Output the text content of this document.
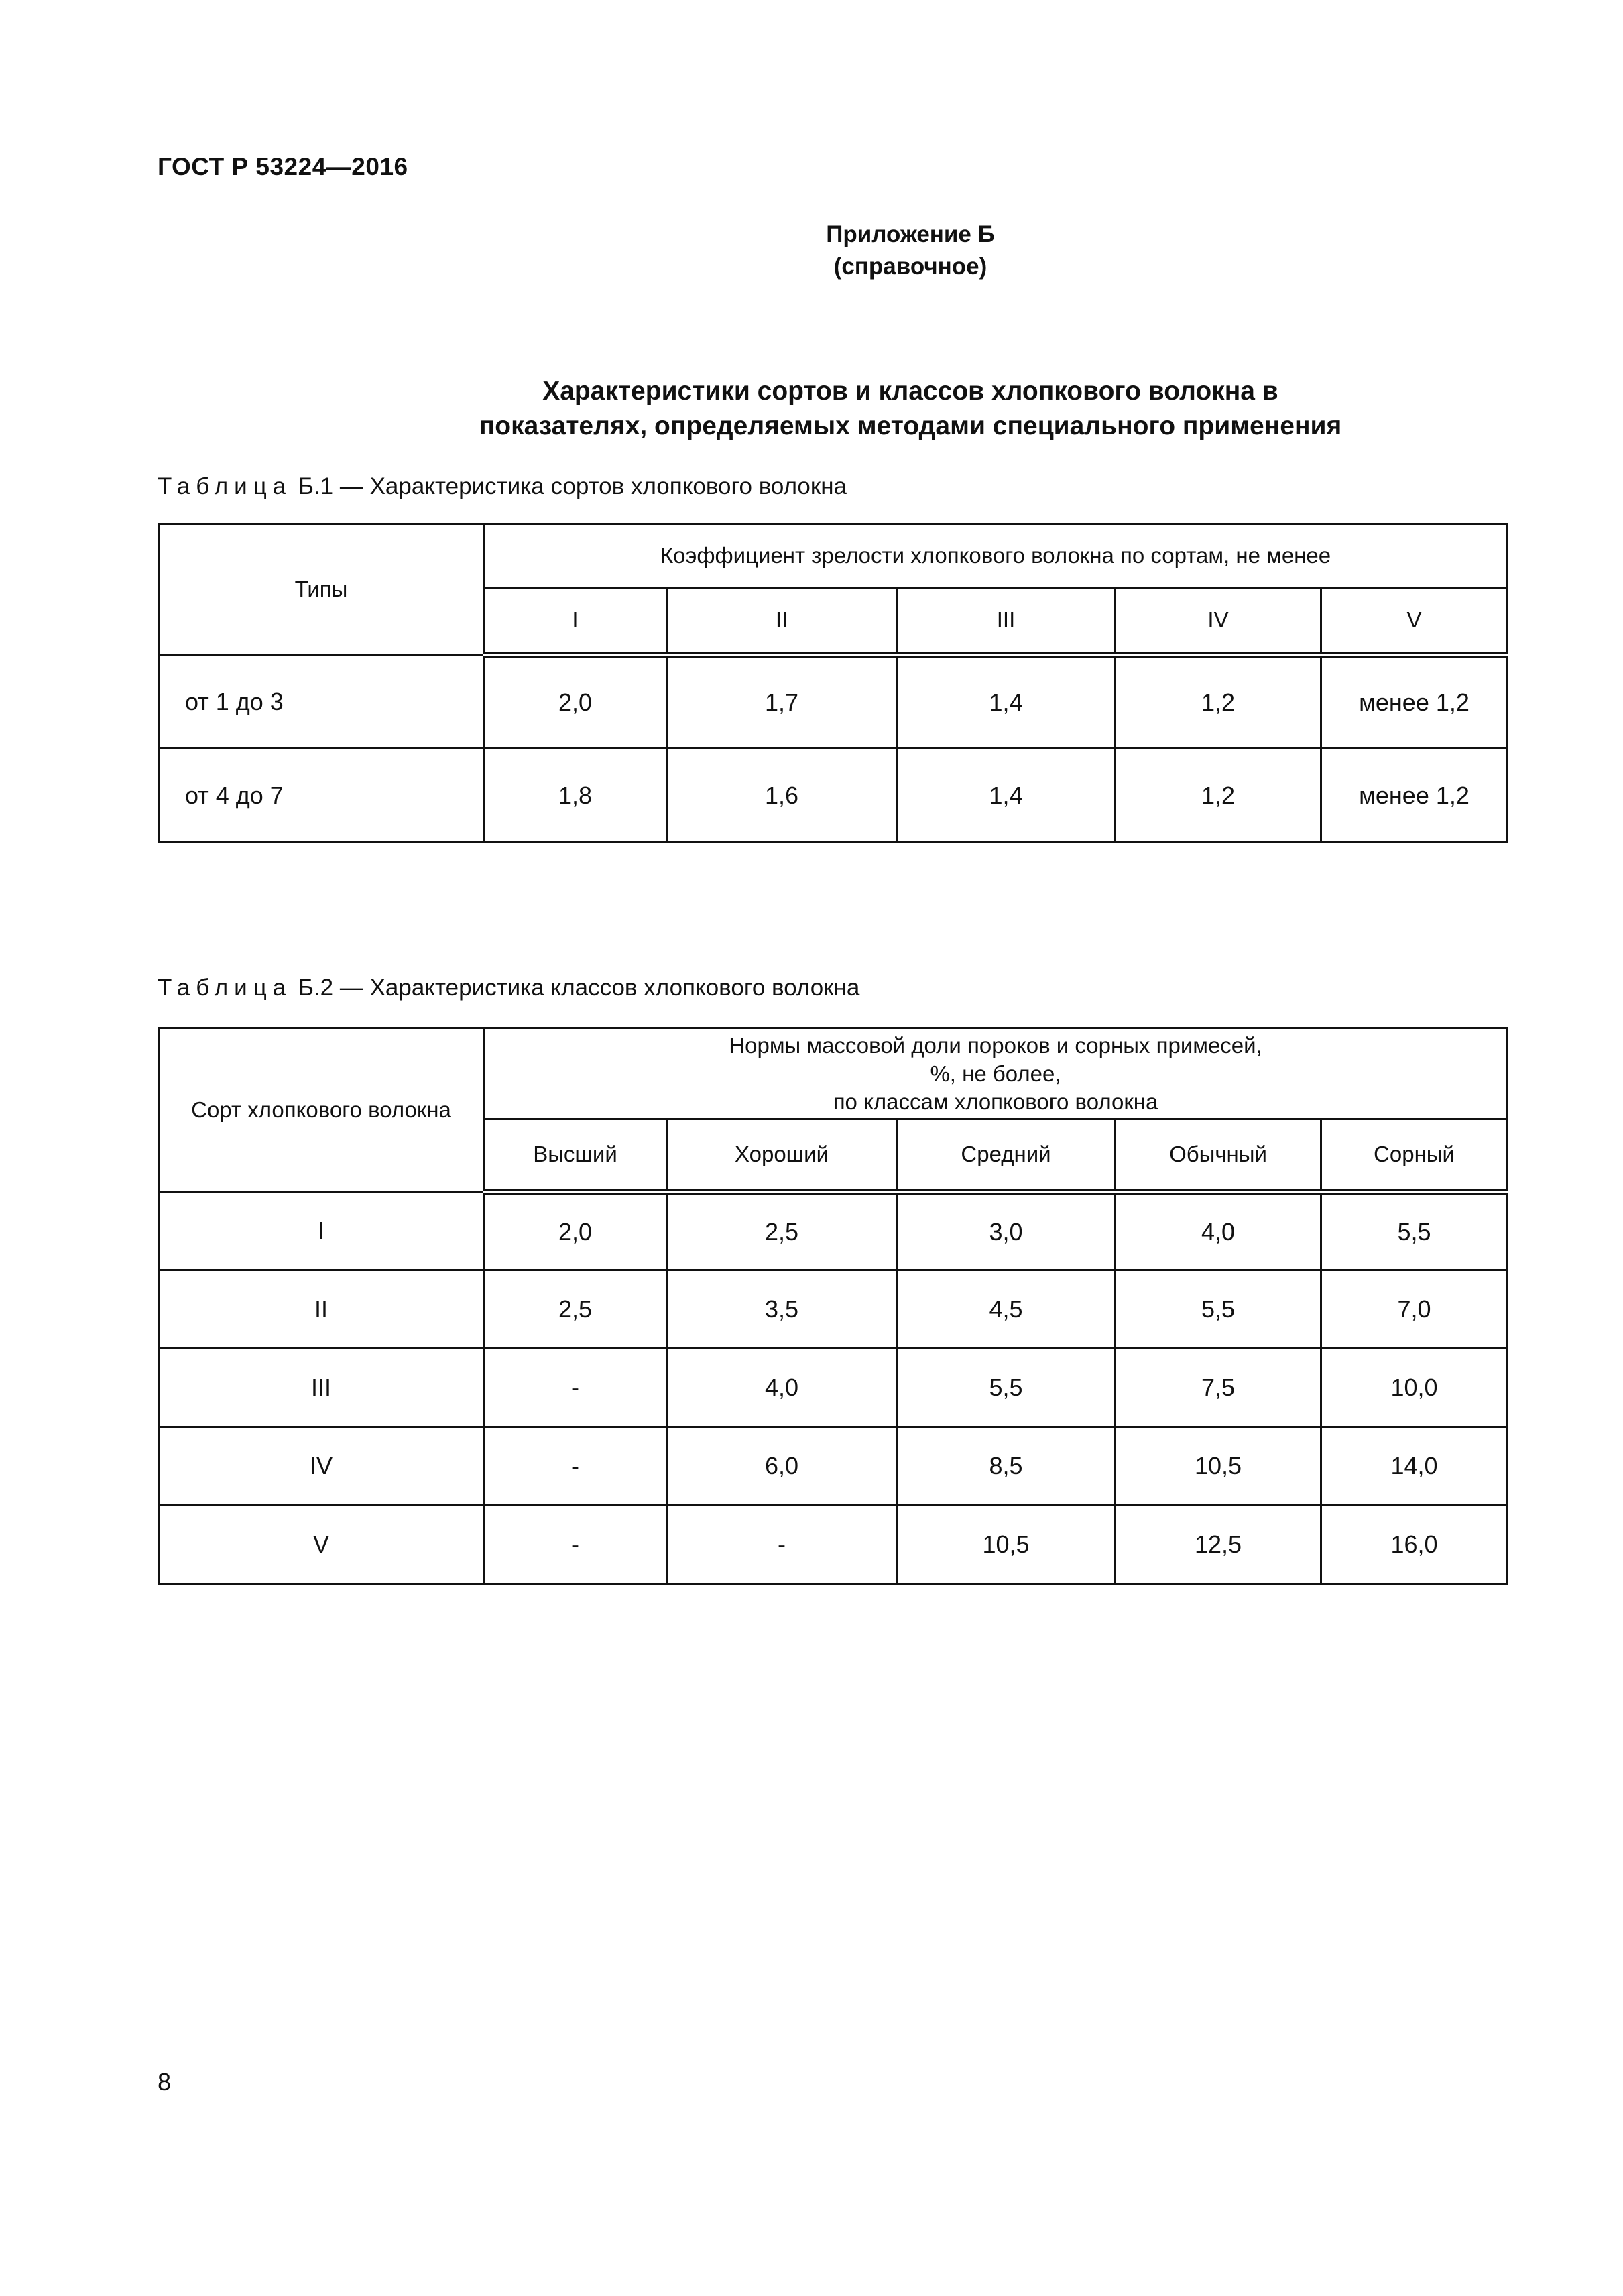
ГОСТ Р 53224—2016
Приложение Б
(справочное)
Характеристики сортов и классов хлопкового волокна в
показателях, определяемых методами специального применения
Таблица Б.1 — Характеристика сортов хлопкового волокна
Типы	Коэффициент зрелости хлопкового волокна по сортам, не менее				
	I	II	III	IV	V
от 1 до 3	2,0	1,7	1,4	1,2	менее 1,2
от 4 до 7	1,8	1,6	1,4	1,2	менее 1,2
Таблица Б.2 — Характеристика классов хлопкового волокна
Сорт хлопкового волокна	Нормы массовой доли пороков и сорных примесей,
%, не более,
по классам хлопкового волокна				

	Высший	Хороший	Средний	Обычный	Сорный
I	2,0	2,5	3,0	4,0	5,5
II	2,5	3,5	4,5	5,5	7,0
III	-	4,0	5,5	7,5	10,0
IV	-	6,0	8,5	10,5	14,0
V	-	-	10,5	12,5	16,0
8
